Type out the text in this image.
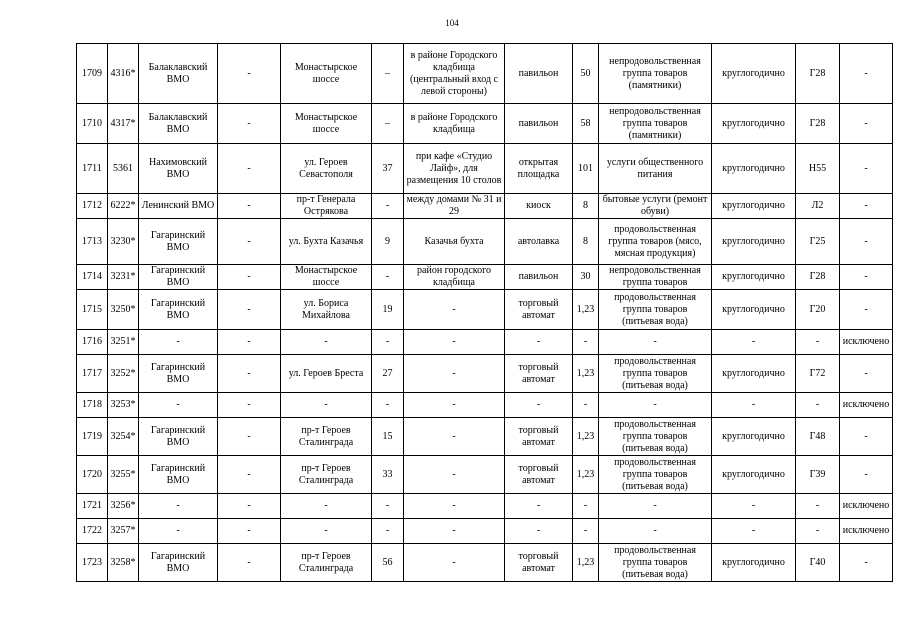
104
1709	4316*	Балаклавский ВМО	-	Монастырское шоссе	–	в районе Городского кладбища (центральный вход с левой стороны)	павильон	50	непродовольственная группа товаров (памятники)	круглогодично	Г28	-
1710	4317*	Балаклавский ВМО	-	Монастырское шоссе	–	в районе Городского кладбища	павильон	58	непродовольственная группа товаров (памятники)	круглогодично	Г28	-
1711	5361	Нахимовский ВМО	-	ул. Героев Севастополя	37	при кафе «Студио Лайф», для размещения 10 столов	открытая площадка	101	услуги общественного питания	круглогодично	Н55	-
1712	6222*	Ленинский ВМО	-	пр-т Генерала Острякова	-	между домами № 31 и 29	киоск	8	бытовые услуги (ремонт обуви)	круглогодично	Л2	-
1713	3230*	Гагаринский ВМО	-	ул. Бухта Казачья	9	Казачья бухта	автолавка	8	продовольственная группа товаров (мясо, мясная продукция)	круглогодично	Г25	-
1714	3231*	Гагаринский ВМО	-	Монастырское шоссе	-	район городского кладбища	павильон	30	непродовольственная группа товаров	круглогодично	Г28	-
1715	3250*	Гагаринский ВМО	-	ул. Бориса Михайлова	19	-	торговый автомат	1,23	продовольственная группа товаров (питьевая вода)	круглогодично	Г20	-
1716	3251*	-	-	-	-	-	-	-	-	-	-	исключено
1717	3252*	Гагаринский ВМО	-	ул. Героев Бреста	27	-	торговый автомат	1,23	продовольственная группа товаров (питьевая вода)	круглогодично	Г72	-
1718	3253*	-	-	-	-	-	-	-	-	-	-	исключено
1719	3254*	Гагаринский ВМО	-	пр-т Героев Сталинграда	15	-	торговый автомат	1,23	продовольственная группа товаров (питьевая вода)	круглогодично	Г48	-
1720	3255*	Гагаринский ВМО	-	пр-т Героев Сталинграда	33	-	торговый автомат	1,23	продовольственная группа товаров (питьевая вода)	круглогодично	Г39	-
1721	3256*	-	-	-	-	-	-	-	-	-	-	исключено
1722	3257*	-	-	-	-	-	-	-	-	-	-	исключено
1723	3258*	Гагаринский ВМО	-	пр-т Героев Сталинграда	56	-	торговый автомат	1,23	продовольственная группа товаров (питьевая вода)	круглогодично	Г40	-
